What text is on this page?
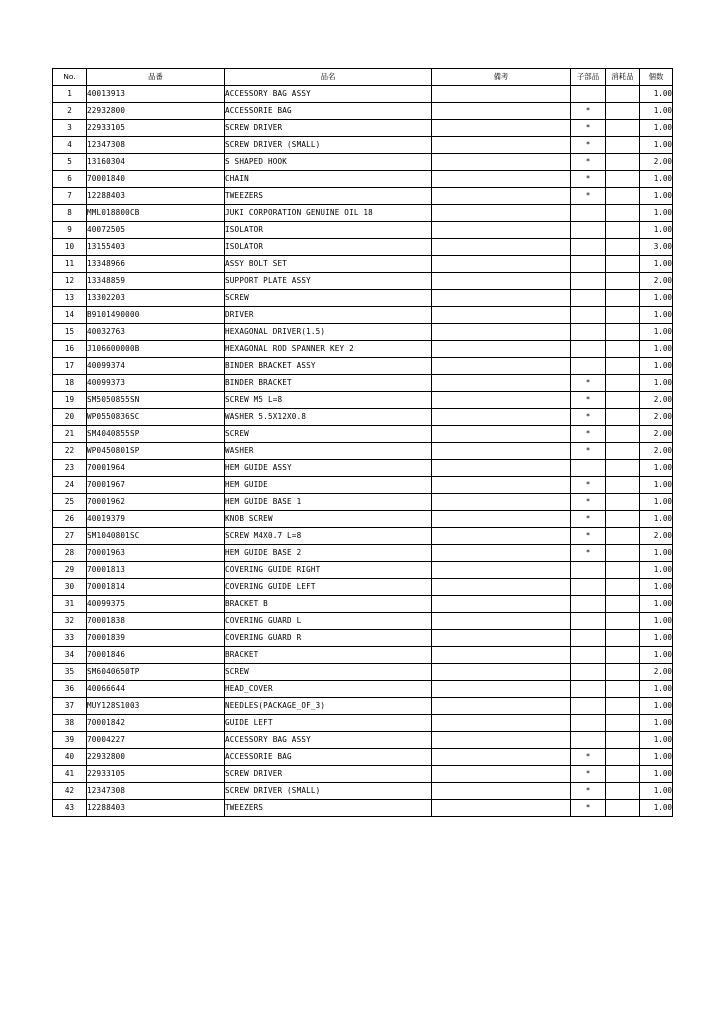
No.	品番	品名	備考	子部品	消耗品	個数
1	40013913	ACCESSORY BAG ASSY				1.00
2	22932800	ACCESSORIE BAG		*		1.00
3	22933105	SCREW DRIVER		*		1.00
4	12347308	SCREW DRIVER (SMALL)		*		1.00
5	13160304	S SHAPED HOOK		*		2.00
6	70001840	CHAIN		*		1.00
7	12288403	TWEEZERS		*		1.00
8	MML018800CB	JUKI CORPORATION GENUINE OIL 18				1.00
9	40072505	ISOLATOR				1.00
10	13155403	ISOLATOR				3.00
11	13348966	ASSY BOLT SET				1.00
12	13348859	SUPPORT PLATE ASSY				2.00
13	13302203	SCREW				1.00
14	B9101490000	DRIVER				1.00
15	40032763	HEXAGONAL DRIVER(1.5)				1.00
16	J106600000B	HEXAGONAL ROD SPANNER KEY 2				1.00
17	40099374	BINDER BRACKET ASSY				1.00
18	40099373	BINDER BRACKET		*		1.00
19	SM5050855SN	SCREW M5 L=8		*		2.00
20	WP0550836SC	WASHER 5.5X12X0.8		*		2.00
21	SM4040855SP	SCREW		*		2.00
22	WP0450801SP	WASHER		*		2.00
23	70001964	HEM GUIDE ASSY				1.00
24	70001967	HEM GUIDE		*		1.00
25	70001962	HEM GUIDE BASE 1		*		1.00
26	40019379	KNOB SCREW		*		1.00
27	SM1040801SC	SCREW M4X0.7 L=8		*		2.00
28	70001963	HEM GUIDE BASE 2		*		1.00
29	70001813	COVERING GUIDE RIGHT				1.00
30	70001814	COVERING GUIDE LEFT				1.00
31	40099375	BRACKET B				1.00
32	70001838	COVERING GUARD L				1.00
33	70001839	COVERING GUARD R				1.00
34	70001846	BRACKET				1.00
35	SM6040650TP	SCREW				2.00
36	40066644	HEAD_COVER				1.00
37	MUY128S1003	NEEDLES(PACKAGE_OF_3)				1.00
38	70001842	GUIDE LEFT				1.00
39	70004227	ACCESSORY BAG ASSY				1.00
40	22932800	ACCESSORIE BAG		*		1.00
41	22933105	SCREW DRIVER		*		1.00
42	12347308	SCREW DRIVER (SMALL)		*		1.00
43	12288403	TWEEZERS		*		1.00
